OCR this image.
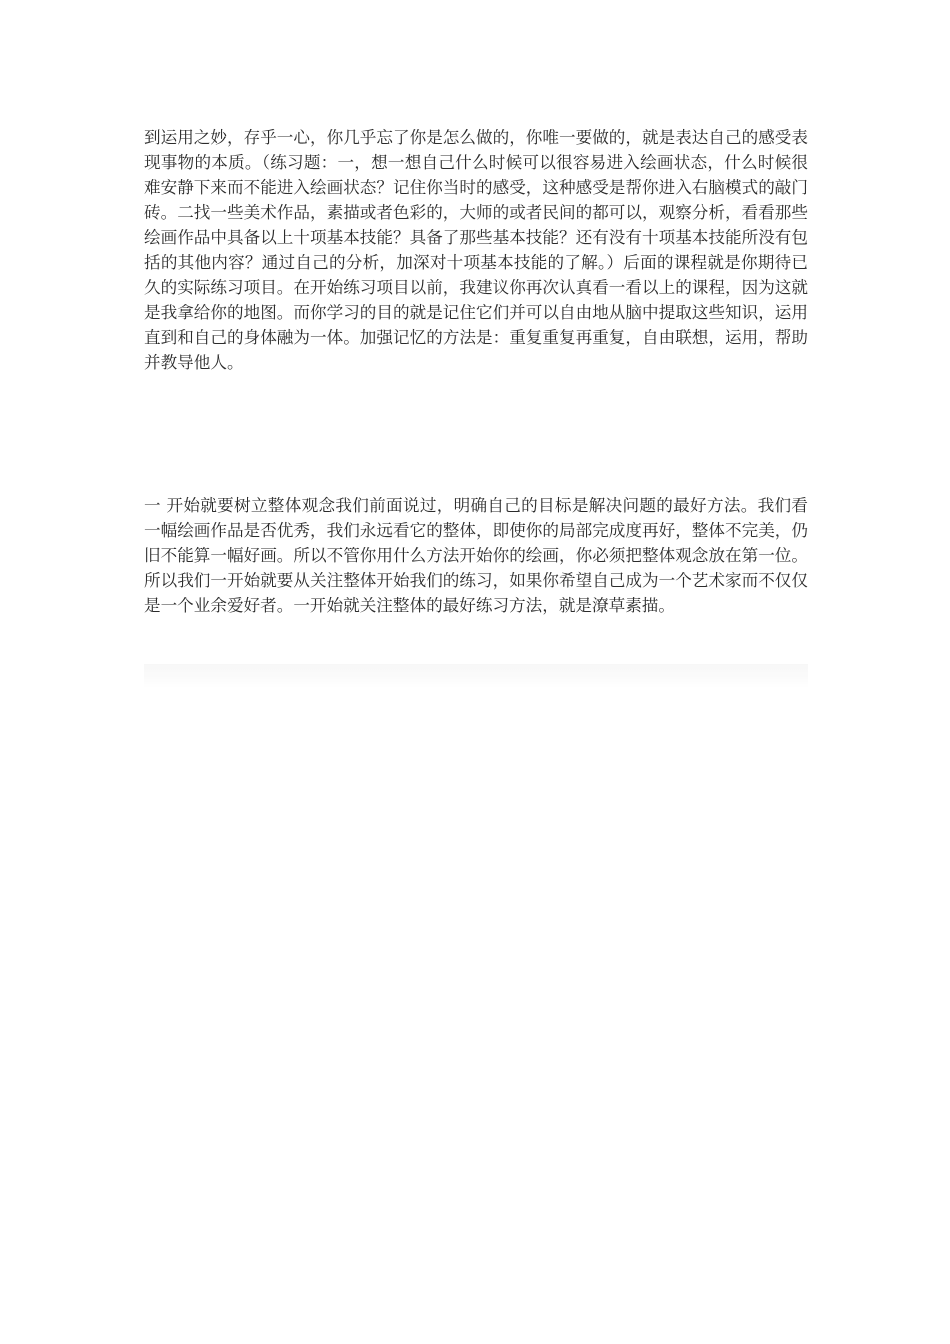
到运用之妙，存乎一心，你几乎忘了你是怎么做的，你唯一要做的，就是表达自己的感受表现事物的本质。（练习题：一，想一想自己什么时候可以很容易进入绘画状态，什么时候很难安静下来而不能进入绘画状态？记住你当时的感受，这种感受是帮你进入右脑模式的敲门砖。二找一些美术作品，素描或者色彩的，大师的或者民间的都可以，观察分析，看看那些绘画作品中具备以上十项基本技能？具备了那些基本技能？还有没有十项基本技能所没有包括的其他内容？通过自己的分析，加深对十项基本技能的了解。）后面的课程就是你期待已久的实际练习项目。在开始练习项目以前，我建议你再次认真看一看以上的课程，因为这就是我拿给你的地图。而你学习的目的就是记住它们并可以自由地从脑中提取这些知识，运用直到和自己的身体融为一体。加强记忆的方法是：重复重复再重复，自由联想，运用，帮助并教导他人。

一 开始就要树立整体观念我们前面说过，明确自己的目标是解决问题的最好方法。我们看一幅绘画作品是否优秀，我们永远看它的整体，即使你的局部完成度再好，整体不完美，仍旧不能算一幅好画。所以不管你用什么方法开始你的绘画，你必须把整体观念放在第一位。所以我们一开始就要从关注整体开始我们的练习，如果你希望自己成为一个艺术家而不仅仅是一个业余爱好者。一开始就关注整体的最好练习方法，就是潦草素描。
